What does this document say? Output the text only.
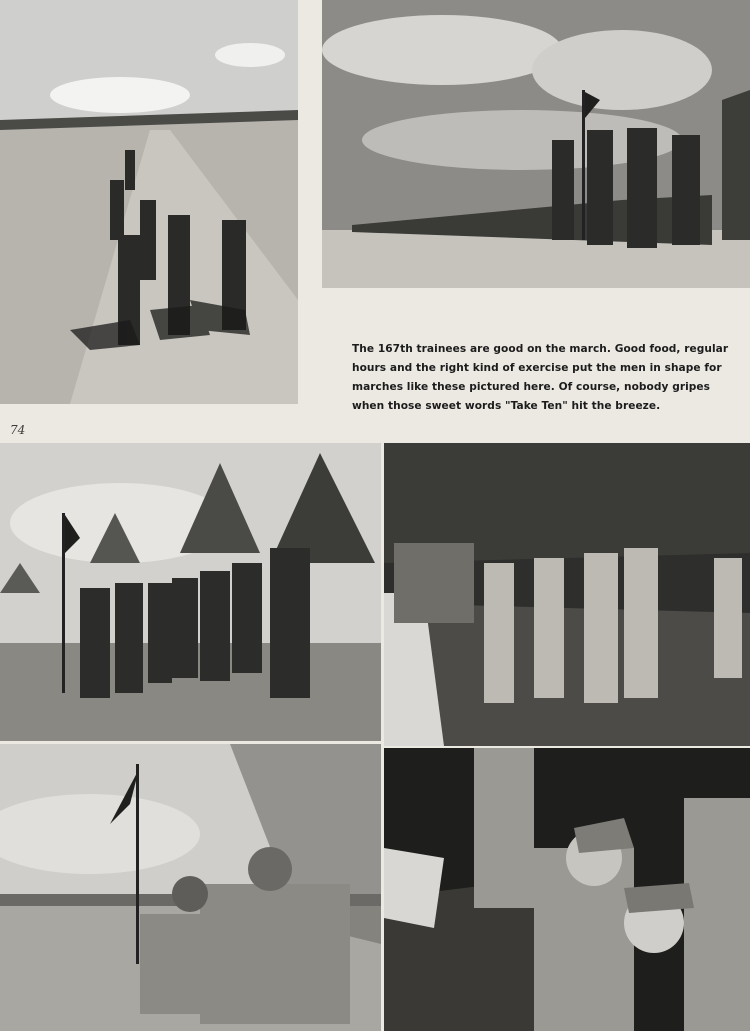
The 167th trainees are good on the march. Good food, regular hours and the right kind of exercise put the men in shape for marches like these pictured here. Of course, nobody gripes when those sweet words "Take Ten" hit the breeze.

74
